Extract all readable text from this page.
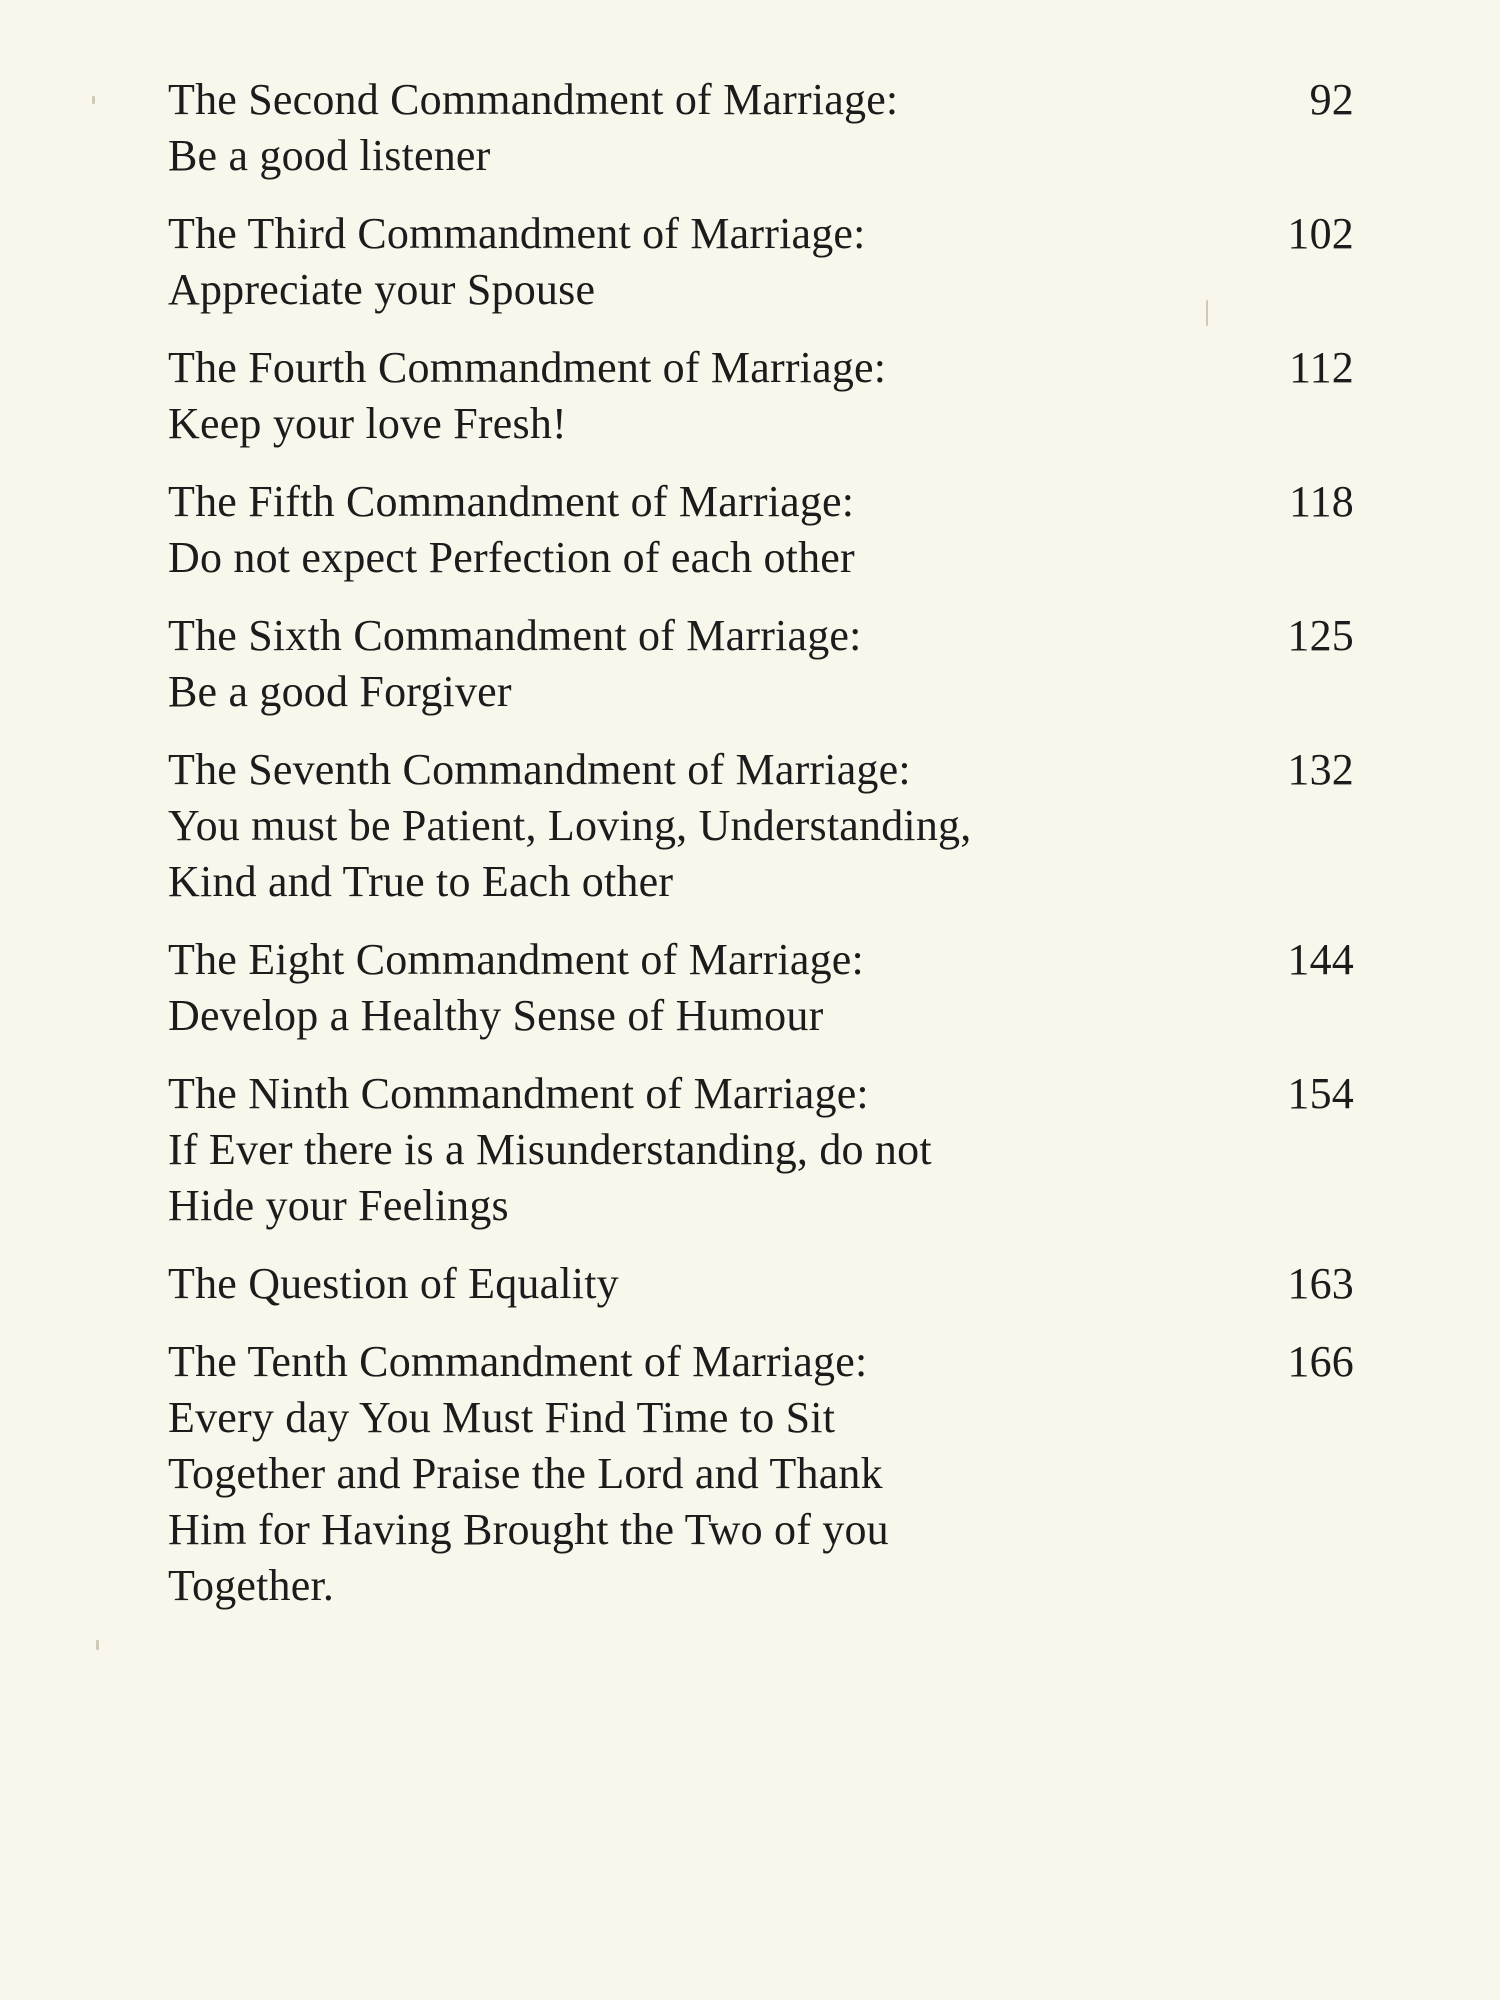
The Second Commandment of Marriage:
Be a good listener
92
The Third Commandment of Marriage:
Appreciate your Spouse
102
The Fourth Commandment of Marriage:
Keep your love Fresh!
112
The Fifth Commandment of Marriage:
Do not expect Perfection of each other
118
The Sixth Commandment of Marriage:
Be a good Forgiver
125
The Seventh Commandment of Marriage:
You must be Patient, Loving, Understanding,
Kind and True to Each other
132
The Eight Commandment of Marriage:
Develop a Healthy Sense of Humour
144
The Ninth Commandment of Marriage:
If Ever there is a Misunderstanding, do not
Hide your Feelings
154
The Question of Equality	163
The Tenth Commandment of Marriage:
Every day You Must Find Time to Sit
Together and Praise the Lord and Thank
Him for Having Brought the Two of you
Together.
166
